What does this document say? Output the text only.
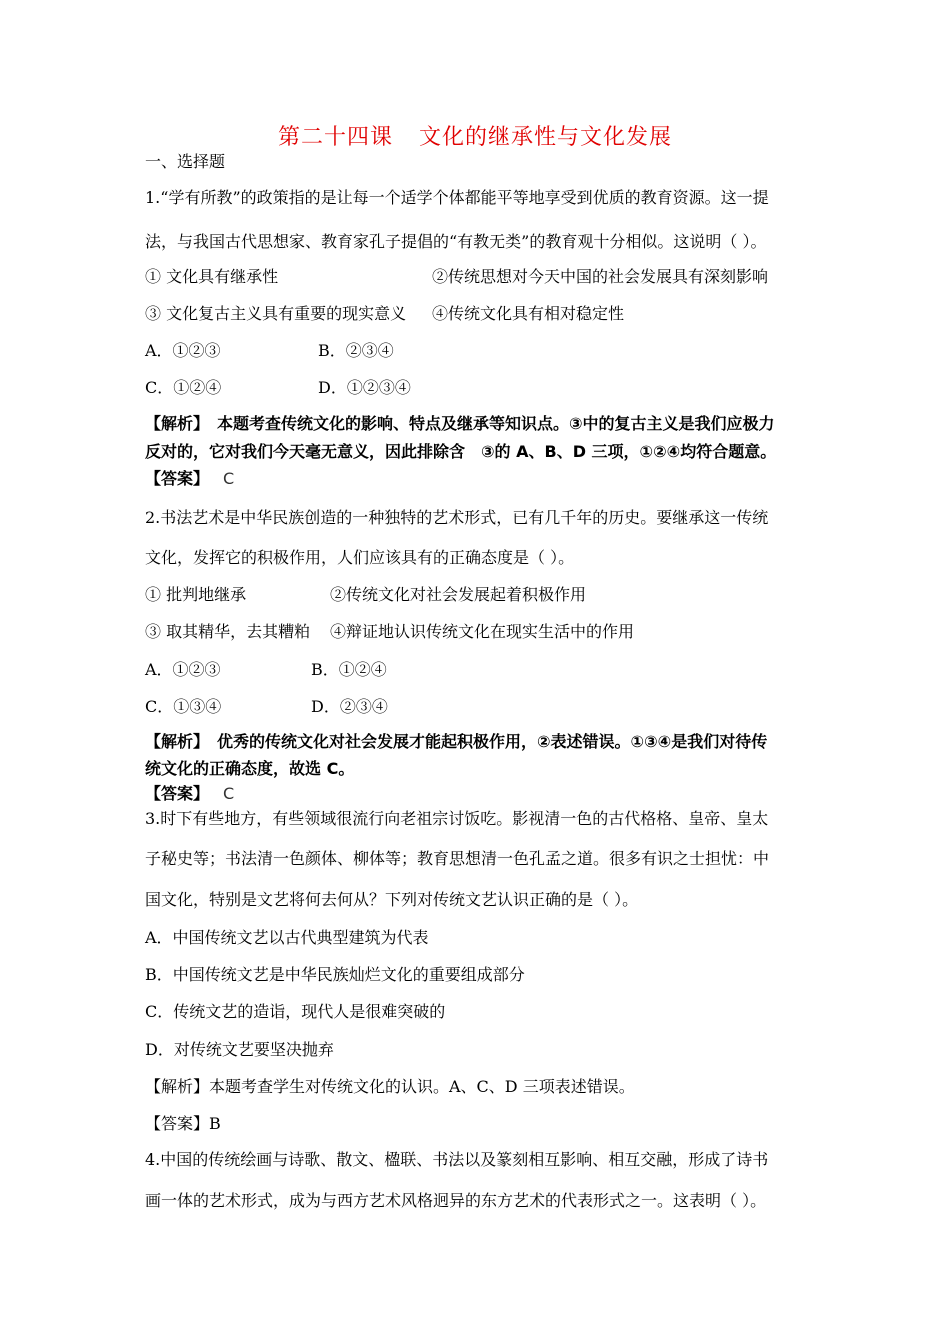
第二十四课 文化的继承性与文化发展
一、选择题
1.“学有所教”的政策指的是让每一个适学个体都能平等地享受到优质的教育资源。这一提
法，与我国古代思想家、教育家孔子提倡的“有教无类”的教育观十分相似。这说明（ ）。
① 文化具有继承性	②传统思想对今天中国的社会发展具有深刻影响
③ 文化复古主义具有重要的现实意义 ④传统文化具有相对稳定性
A．①②③	B．②③④
C．①②④	D．①②③④
【解析】　本题考查传统文化的影响、特点及继承等知识点。③中的复古主义是我们应极力
反对的，它对我们今天毫无意义，因此排除含　③的 A、B、D 三项，①②④均符合题意。
【答案】 C
2.书法艺术是中华民族创造的一种独特的艺术形式，已有几千年的历史。要继承这一传统
文化，发挥它的积极作用，人们应该具有的正确态度是（ ）。
① 批判地继承	②传统文化对社会发展起着积极作用
③ 取其精华，去其糟粕 ④辩证地认识传统文化在现实生活中的作用
A．①②③	B．①②④
C．①③④	D．②③④
【解析】　优秀的传统文化对社会发展才能起积极作用，②表述错误。①③④是我们对待传
统文化的正确态度，故选 C。
【答案】 C
3.时下有些地方，有些领域很流行向老祖宗讨饭吃。影视清一色的古代格格、皇帝、皇太
子秘史等；书法清一色颜体、柳体等；教育思想清一色孔孟之道。很多有识之士担忧：中
国文化，特别是文艺将何去何从？下列对传统文艺认识正确的是（ ）。
A．中国传统文艺以古代典型建筑为代表
B．中国传统文艺是中华民族灿烂文化的重要组成部分
C．传统文艺的造诣，现代人是很难突破的
D．对传统文艺要坚决抛弃
【解析】本题考查学生对传统文化的认识。A、C、D 三项表述错误。
【答案】B
4.中国的传统绘画与诗歌、散文、楹联、书法以及篆刻相互影响、相互交融，形成了诗书
画一体的艺术形式，成为与西方艺术风格迥异的东方艺术的代表形式之一。这表明（ ）。
